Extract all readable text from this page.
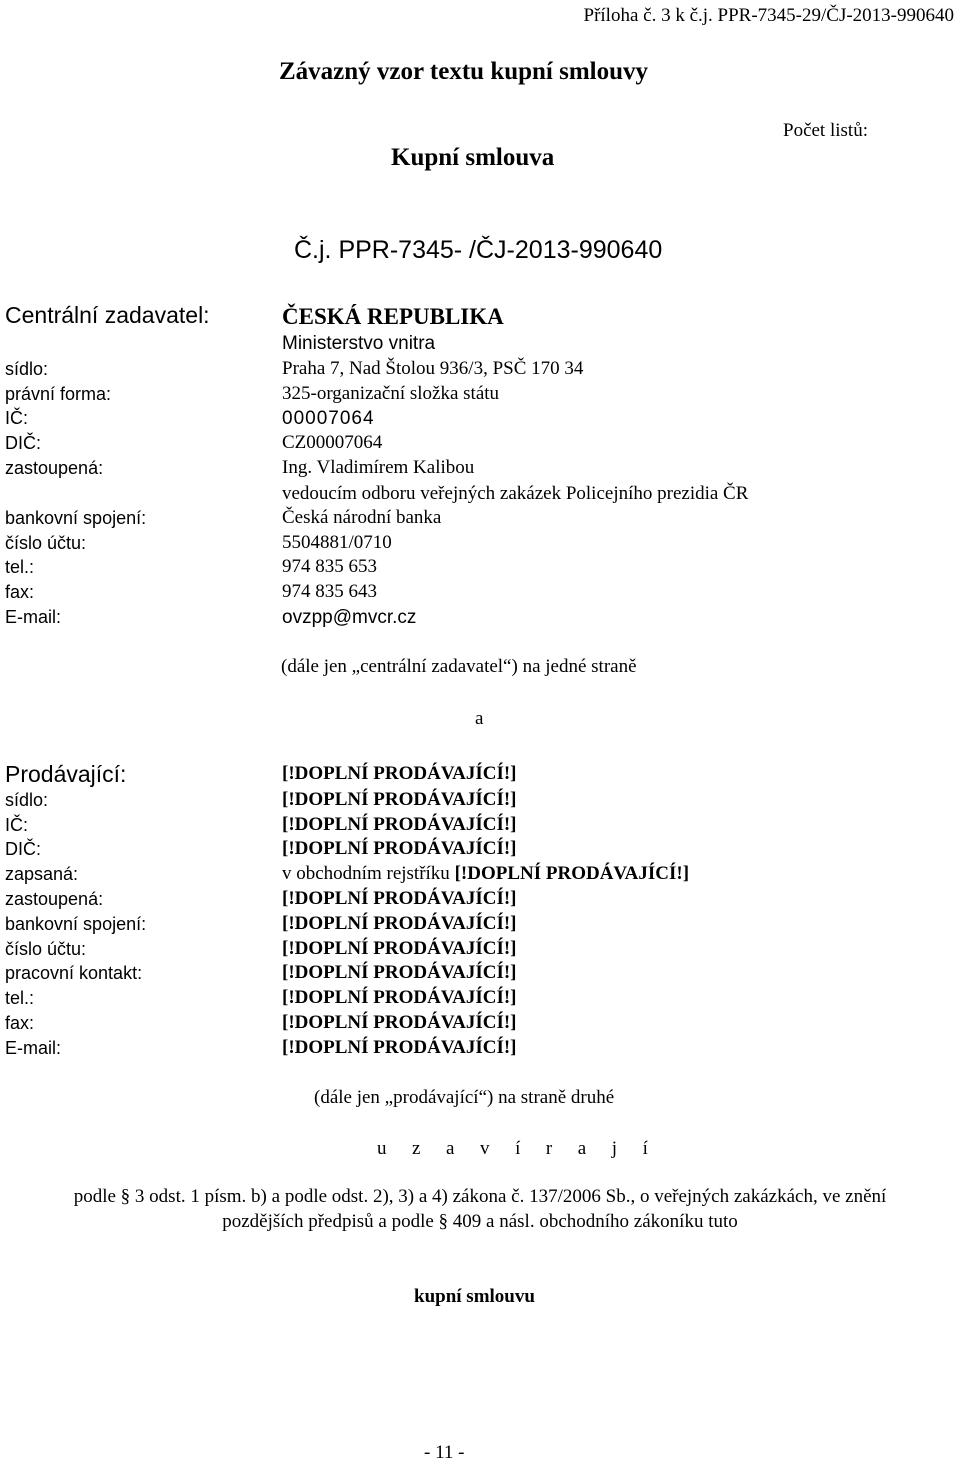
Příloha č. 3 k č.j. PPR-7345-29/ČJ-2013-990640
Závazný vzor textu kupní smlouvy
Počet listů:
Kupní smlouva
Č.j. PPR-7345- /ČJ-2013-990640
Centrální zadavatel:	ČESKÁ REPUBLIKA
Ministerstvo vnitra
sídlo:	Praha 7, Nad Štolou 936/3, PSČ 170 34
právní forma:	325-organizační složka státu
IČ:	00007064
DIČ:	CZ00007064
zastoupená:	Ing. Vladimírem Kalibou
vedoucím odboru veřejných zakázek Policejního prezidia ČR
bankovní spojení:	Česká národní banka
číslo účtu:	5504881/0710
tel.:	974 835 653
fax:	974 835 643
E-mail:	ovzpp@mvcr.cz
(dále jen „centrální zadavatel“) na jedné straně
a
Prodávající:	[!DOPLNÍ PRODÁVAJÍCÍ!]
sídlo:	[!DOPLNÍ PRODÁVAJÍCÍ!]
IČ:	[!DOPLNÍ PRODÁVAJÍCÍ!]
DIČ:	[!DOPLNÍ PRODÁVAJÍCÍ!]
zapsaná:	v obchodním rejstříku [!DOPLNÍ PRODÁVAJÍCÍ!]
zastoupená:	[!DOPLNÍ PRODÁVAJÍCÍ!]
bankovní spojení:	[!DOPLNÍ PRODÁVAJÍCÍ!]
číslo účtu:	[!DOPLNÍ PRODÁVAJÍCÍ!]
pracovní kontakt:	[!DOPLNÍ PRODÁVAJÍCÍ!]
tel.:	[!DOPLNÍ PRODÁVAJÍCÍ!]
fax:	[!DOPLNÍ PRODÁVAJÍCÍ!]
E-mail:	[!DOPLNÍ PRODÁVAJÍCÍ!]
(dále jen „prodávající“) na straně druhé
u z a v í r a j í
podle § 3 odst. 1 písm. b) a podle odst. 2), 3) a 4) zákona č. 137/2006 Sb., o veřejných zakázkách, ve znění
pozdějších předpisů a podle § 409 a násl. obchodního zákoníku tuto
kupní smlouvu
- 11 -
